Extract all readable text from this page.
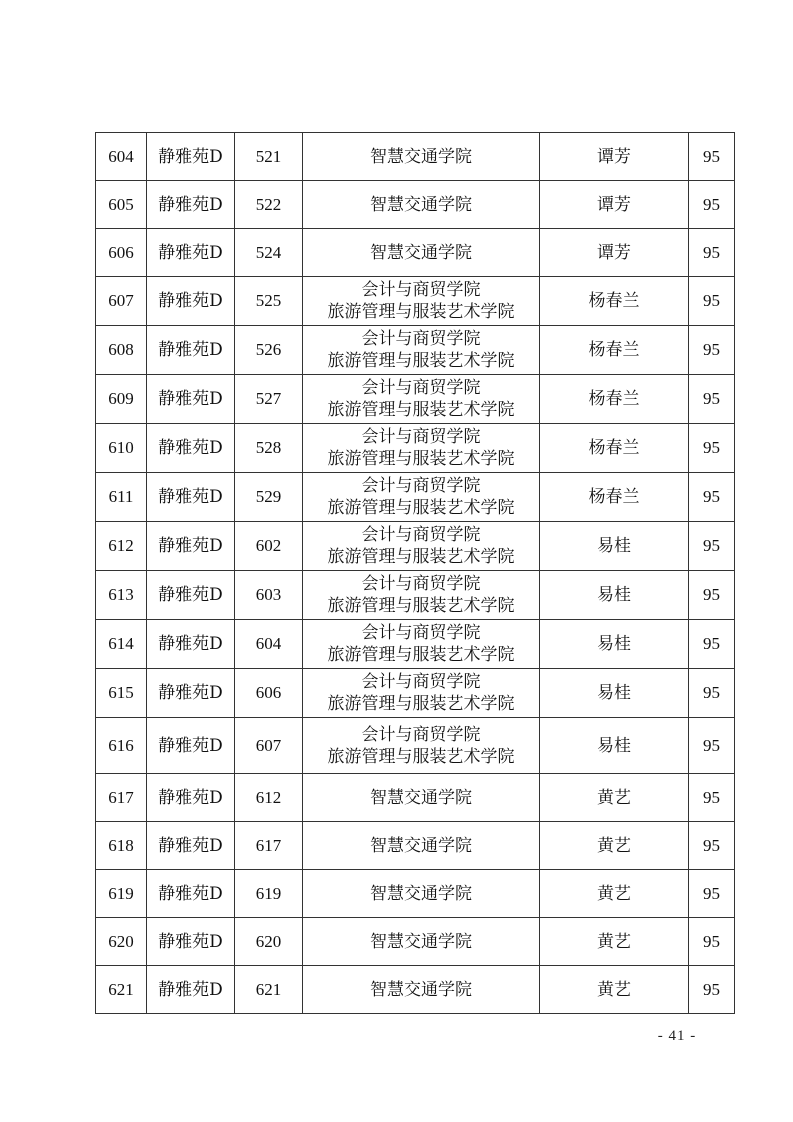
604	静雅苑D	521	智慧交通学院	谭芳	95
605	静雅苑D	522	智慧交通学院	谭芳	95
606	静雅苑D	524	智慧交通学院	谭芳	95
607	静雅苑D	525	会计与商贸学院
旅游管理与服装艺术学院	杨春兰	95
608	静雅苑D	526	会计与商贸学院
旅游管理与服装艺术学院	杨春兰	95
609	静雅苑D	527	会计与商贸学院
旅游管理与服装艺术学院	杨春兰	95
610	静雅苑D	528	会计与商贸学院
旅游管理与服装艺术学院	杨春兰	95
611	静雅苑D	529	会计与商贸学院
旅游管理与服装艺术学院	杨春兰	95
612	静雅苑D	602	会计与商贸学院
旅游管理与服装艺术学院	易桂	95
613	静雅苑D	603	会计与商贸学院
旅游管理与服装艺术学院	易桂	95
614	静雅苑D	604	会计与商贸学院
旅游管理与服装艺术学院	易桂	95
615	静雅苑D	606	会计与商贸学院
旅游管理与服装艺术学院	易桂	95
616	静雅苑D	607	会计与商贸学院
旅游管理与服装艺术学院	易桂	95
617	静雅苑D	612	智慧交通学院	黄艺	95
618	静雅苑D	617	智慧交通学院	黄艺	95
619	静雅苑D	619	智慧交通学院	黄艺	95
620	静雅苑D	620	智慧交通学院	黄艺	95
621	静雅苑D	621	智慧交通学院	黄艺	95
- 41 -
